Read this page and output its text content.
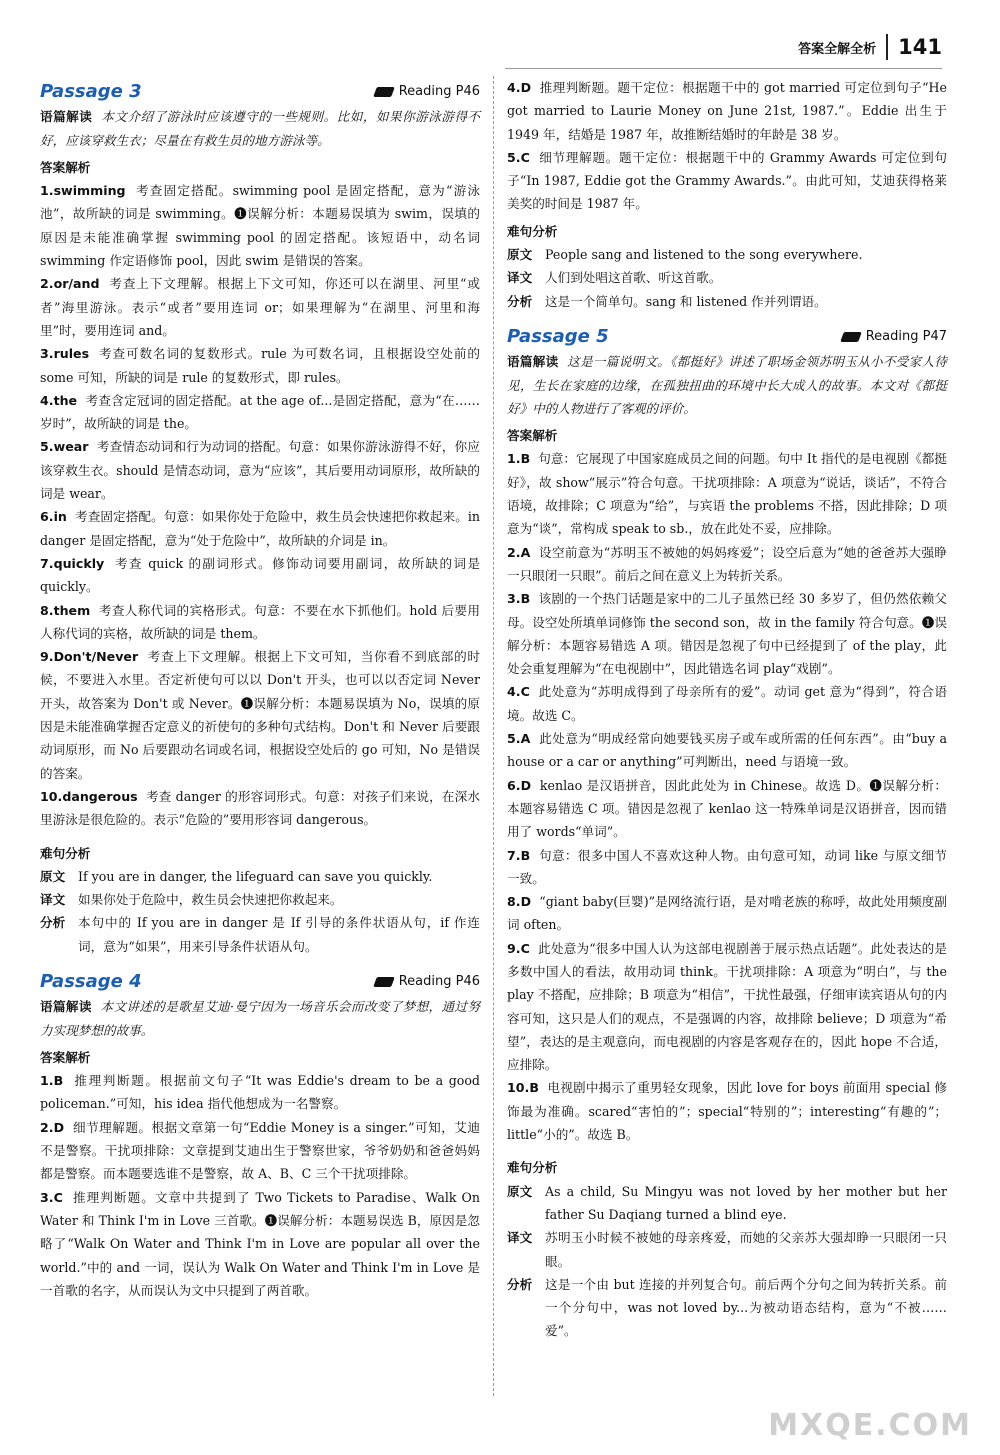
答案全解全析 141
Passage 3	Reading P46
语篇解读 本文介绍了游泳时应该遵守的一些规则。比如，如果你游泳游得不好，应该穿救生衣；尽量在有救生员的地方游泳等。
答案解析
1.swimming 考查固定搭配。swimming pool 是固定搭配，意为“游泳池”，故所缺的词是 swimming。❶误解分析：本题易误填为 swim，误填的原因是未能准确掌握 swimming pool 的固定搭配。该短语中，动名词 swimming 作定语修饰 pool，因此 swim 是错误的答案。
2.or/and 考查上下文理解。根据上下文可知，你还可以在湖里、河里“或者”海里游泳。表示“或者”要用连词 or；如果理解为“在湖里、河里和海里”时，要用连词 and。
3.rules 考查可数名词的复数形式。rule 为可数名词，且根据设空处前的 some 可知，所缺的词是 rule 的复数形式，即 rules。
4.the 考查含定冠词的固定搭配。at the age of...是固定搭配，意为“在……岁时”，故所缺的词是 the。
5.wear 考查情态动词和行为动词的搭配。句意：如果你游泳游得不好，你应该穿救生衣。should 是情态动词，意为“应该”，其后要用动词原形，故所缺的词是 wear。
6.in 考查固定搭配。句意：如果你处于危险中，救生员会快速把你救起来。in danger 是固定搭配，意为“处于危险中”，故所缺的介词是 in。
7.quickly 考查 quick 的副词形式。修饰动词要用副词，故所缺的词是 quickly。
8.them 考查人称代词的宾格形式。句意：不要在水下抓他们。hold 后要用人称代词的宾格，故所缺的词是 them。
9.Don't/Never 考查上下文理解。根据上下文可知，当你看不到底部的时候，不要进入水里。否定祈使句可以以 Don't 开头，也可以以否定词 Never 开头，故答案为 Don't 或 Never。❶误解分析：本题易误填为 No，误填的原因是未能准确掌握否定意义的祈使句的多种句式结构。Don't 和 Never 后要跟动词原形，而 No 后要跟动名词或名词，根据设空处后的 go 可知，No 是错误的答案。
10.dangerous 考查 danger 的形容词形式。句意：对孩子们来说，在深水里游泳是很危险的。表示“危险的”要用形容词 dangerous。
难句分析
原文	If you are in danger, the lifeguard can save you quickly.
译文	如果你处于危险中，救生员会快速把你救起来。
分析	本句中的 If you are in danger 是 If 引导的条件状语从句，if 作连词，意为“如果”，用来引导条件状语从句。
Passage 4	Reading P46
语篇解读 本文讲述的是歌星艾迪·曼宁因为一场音乐会而改变了梦想，通过努力实现梦想的故事。
答案解析
1.B 推理判断题。根据前文句子“It was Eddie's dream to be a good policeman.”可知，his idea 指代他想成为一名警察。
2.D 细节理解题。根据文章第一句“Eddie Money is a singer.”可知，艾迪不是警察。干扰项排除：文章提到艾迪出生于警察世家，爷爷奶奶和爸爸妈妈都是警察。而本题要选谁不是警察，故 A、B、C 三个干扰项排除。
3.C 推理判断题。文章中共提到了 Two Tickets to Paradise、Walk On Water 和 Think I'm in Love 三首歌。❶误解分析：本题易误选 B，原因是忽略了“Walk On Water and Think I'm in Love are popular all over the world.”中的 and 一词，误认为 Walk On Water and Think I'm in Love 是一首歌的名字，从而误认为文中只提到了两首歌。
4.D 推理判断题。题干定位：根据题干中的 got married 可定位到句子“He got married to Laurie Money on June 21st, 1987.”。Eddie 出生于 1949 年，结婚是 1987 年，故推断结婚时的年龄是 38 岁。
5.C 细节理解题。题干定位：根据题干中的 Grammy Awards 可定位到句子“In 1987, Eddie got the Grammy Awards.”。由此可知，艾迪获得格莱美奖的时间是 1987 年。
难句分析
原文	People sang and listened to the song everywhere.
译文	人们到处唱这首歌、听这首歌。
分析	这是一个简单句。sang 和 listened 作并列谓语。
Passage 5	Reading P47
语篇解读 这是一篇说明文。《都挺好》讲述了职场金领苏明玉从小不受家人待见，生长在家庭的边缘，在孤独扭曲的环境中长大成人的故事。本文对《都挺好》中的人物进行了客观的评价。
答案解析
1.B 句意：它展现了中国家庭成员之间的问题。句中 It 指代的是电视剧《都挺好》，故 show“展示”符合句意。干扰项排除：A 项意为“说话，谈话”，不符合语境，故排除；C 项意为“给”，与宾语 the problems 不搭，因此排除；D 项意为“谈”，常构成 speak to sb.，放在此处不妥，应排除。
2.A 设空前意为“苏明玉不被她的妈妈疼爱”；设空后意为“她的爸爸苏大强睁一只眼闭一只眼”。前后之间在意义上为转折关系。
3.B 该剧的一个热门话题是家中的二儿子虽然已经 30 多岁了，但仍然依赖父母。设空处所填单词修饰 the second son，故 in the family 符合句意。❶误解分析：本题容易错选 A 项。错因是忽视了句中已经提到了 of the play，此处会重复理解为“在电视剧中”，因此错选名词 play“戏剧”。
4.C 此处意为“苏明成得到了母亲所有的爱”。动词 get 意为“得到”，符合语境。故选 C。
5.A 此处意为“明成经常向她要钱买房子或车或所需的任何东西”。由“buy a house or a car or anything”可判断出，need 与语境一致。
6.D kenlao 是汉语拼音，因此此处为 in Chinese。故选 D。❶误解分析：本题容易错选 C 项。错因是忽视了 kenlao 这一特殊单词是汉语拼音，因而错用了 words“单词”。
7.B 句意：很多中国人不喜欢这种人物。由句意可知，动词 like 与原文细节一致。
8.D “giant baby(巨婴)”是网络流行语，是对啃老族的称呼，故此处用频度副词 often。
9.C 此处意为“很多中国人认为这部电视剧善于展示热点话题”。此处表达的是多数中国人的看法，故用动词 think。干扰项排除：A 项意为“明白”，与 the play 不搭配，应排除；B 项意为“相信”，干扰性最强，仔细审读宾语从句的内容可知，这只是人们的观点，不是强调的内容，故排除 believe；D 项意为“希望”，表达的是主观意向，而电视剧的内容是客观存在的，因此 hope 不合适，应排除。
10.B 电视剧中揭示了重男轻女现象，因此 love for boys 前面用 special 修饰最为准确。scared“害怕的”；special“特别的”；interesting“有趣的”；little“小的”。故选 B。
难句分析
原文	As a child, Su Mingyu was not loved by her mother but her father Su Daqiang turned a blind eye.
译文	苏明玉小时候不被她的母亲疼爱，而她的父亲苏大强却睁一只眼闭一只眼。
分析	这是一个由 but 连接的并列复合句。前后两个分句之间为转折关系。前一个分句中，was not loved by...为被动语态结构，意为“不被……爱”。
MXQE.COM
